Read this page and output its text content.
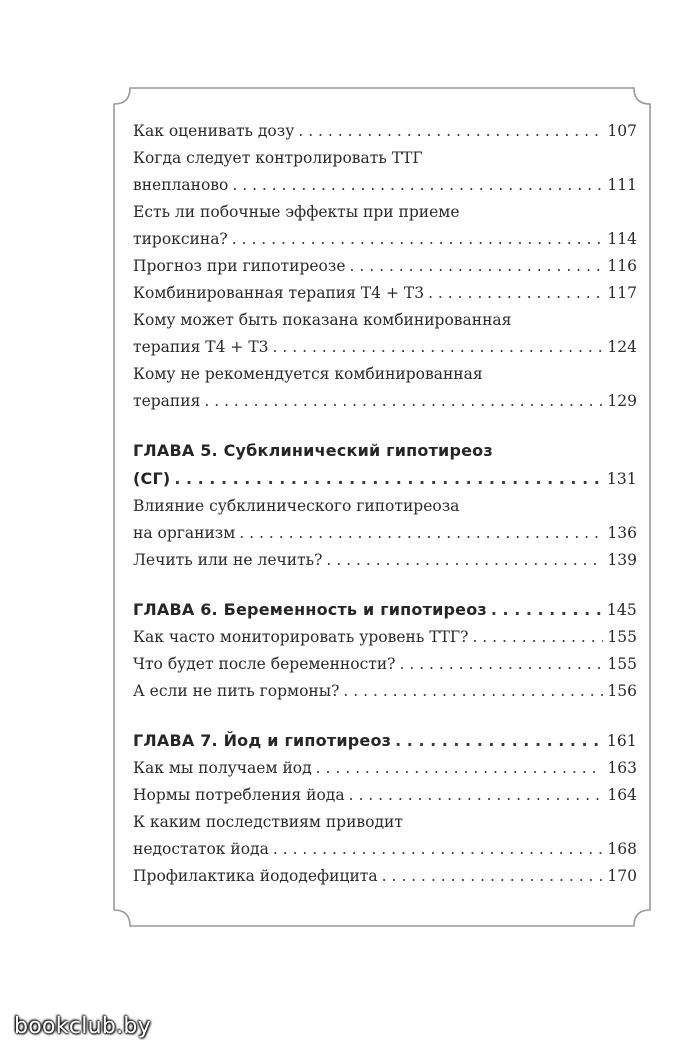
Как оценивать дозу . . .	107
Когда следует контролировать ТТГ
внепланово . . .	111
Есть ли побочные эффекты при приеме
тироксина? . . .	114
Прогноз при гипотиреозе . . .	116
Комбинированная терапия Т4 + Т3 . . .	117
Кому может быть показана комбинированная
терапия Т4 + Т3 . . .	124
Кому не рекомендуется комбинированная
терапия . . .	129
ГЛАВА 5. Субклинический гипотиреоз
(СГ) . . .	131
Влияние субклинического гипотиреоза
на организм . . .	136
Лечить или не лечить? . . .	139
ГЛАВА 6. Беременность и гипотиреоз . . .	145
Как часто мониторировать уровень ТТГ? . . .	155
Что будет после беременности? . . .	155
А если не пить гормоны? . . .	156
ГЛАВА 7. Йод и гипотиреоз . . .	161
Как мы получаем йод . . .	163
Нормы потребления йода . . .	164
К каким последствиям приводит
недостаток йода . . .	168
Профилактика йододефицита . . .	170
bookclub.by
